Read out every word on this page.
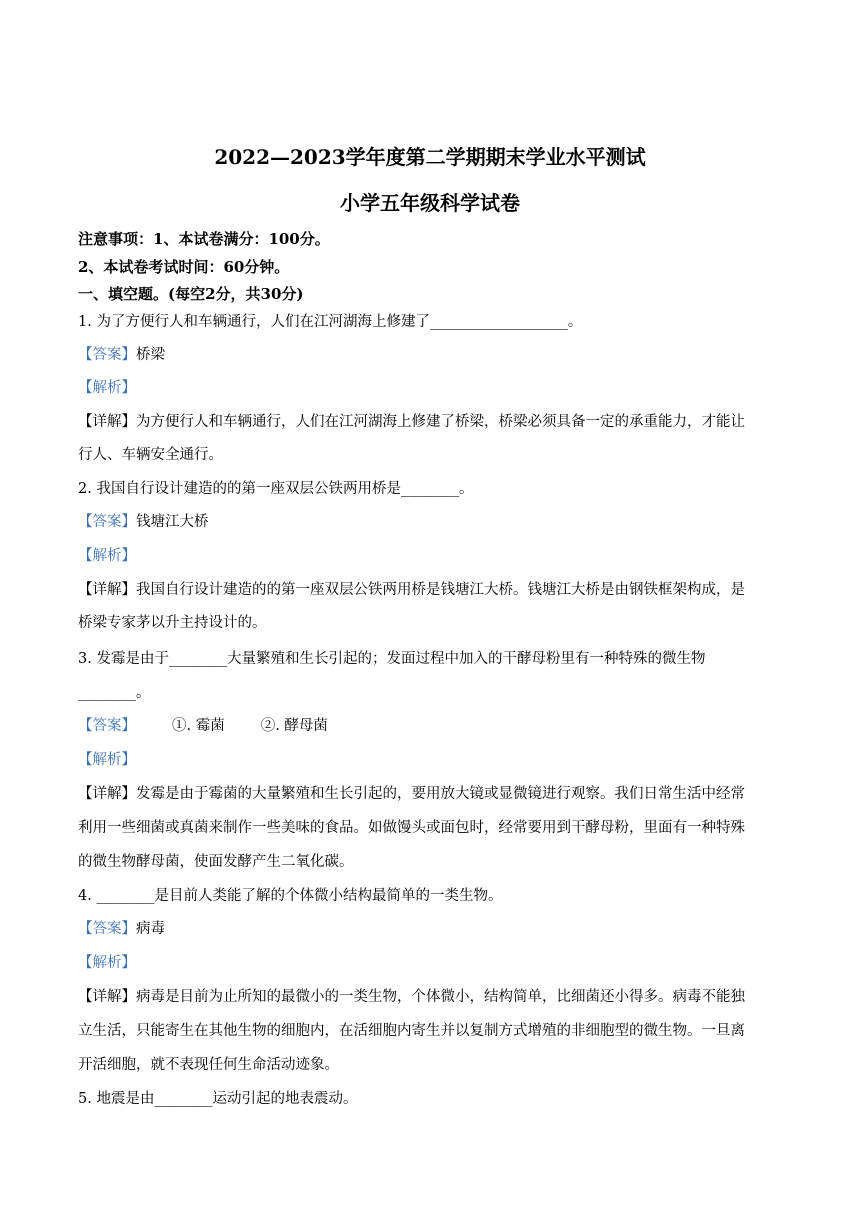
2022—2023学年度第二学期期末学业水平测试
小学五年级科学试卷
注意事项：1、本试卷满分：100分。
2、本试卷考试时间：60分钟。
一、填空题。(每空2分，共30分)
1. 为了方便行人和车辆通行，人们在江河湖海上修建了___________________。
【答案】桥梁
【解析】
【详解】为方便行人和车辆通行，人们在江河湖海上修建了桥梁，桥梁必须具备一定的承重能力，才能让
行人、车辆安全通行。
2. 我国自行设计建造的的第一座双层公铁两用桥是________。
【答案】钱塘江大桥
【解析】
【详解】我国自行设计建造的的第一座双层公铁两用桥是钱塘江大桥。钱塘江大桥是由钢铁框架构成，是
桥梁专家茅以升主持设计的。
3. 发霉是由于________大量繁殖和生长引起的；发面过程中加入的干酵母粉里有一种特殊的微生物
________。
【答案】 ①. 霉菌 ②. 酵母菌
【解析】
【详解】发霉是由于霉菌的大量繁殖和生长引起的，要用放大镜或显微镜进行观察。我们日常生活中经常
利用一些细菌或真菌来制作一些美味的食品。如做馒头或面包时，经常要用到干酵母粉，里面有一种特殊
的微生物酵母菌，使面发酵产生二氧化碳。
4. ________是目前人类能了解的个体微小结构最简单的一类生物。
【答案】病毒
【解析】
【详解】病毒是目前为止所知的最微小的一类生物，个体微小，结构简单，比细菌还小得多。病毒不能独
立生活，只能寄生在其他生物的细胞内，在活细胞内寄生并以复制方式增殖的非细胞型的微生物。一旦离
开活细胞，就不表现任何生命活动迹象。
5. 地震是由________运动引起的地表震动。
